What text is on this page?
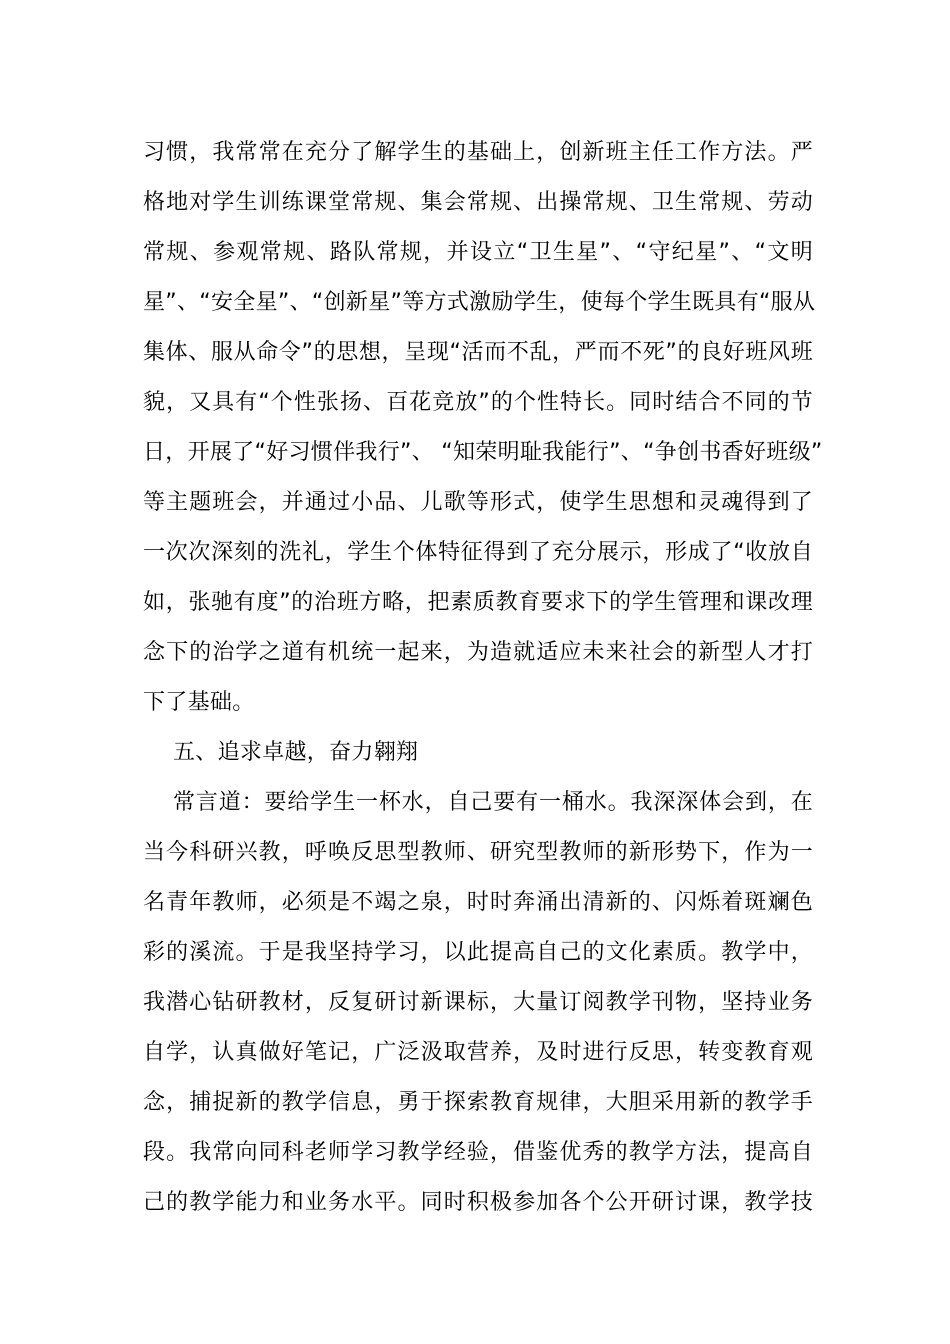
习惯，我常常在充分了解学生的基础上，创新班主任工作方法。严
格地对学生训练课堂常规、集会常规、出操常规、卫生常规、劳动
常规、参观常规、路队常规，并设立“卫生星”、“守纪星”、“文明
星”、“安全星”、“创新星”等方式激励学生，使每个学生既具有“服从
集体、服从命令”的思想，呈现“活而不乱，严而不死”的良好班风班
貌，又具有“个性张扬、百花竞放”的个性特长。同时结合不同的节
日，开展了“好习惯伴我行”、 “知荣明耻我能行”、“争创书香好班级”
等主题班会，并通过小品、儿歌等形式，使学生思想和灵魂得到了
一次次深刻的洗礼，学生个体特征得到了充分展示，形成了“收放自
如，张驰有度”的治班方略，把素质教育要求下的学生管理和课改理
念下的治学之道有机统一起来，为造就适应未来社会的新型人才打
下了基础。
五、追求卓越，奋力翱翔
常言道：要给学生一杯水，自己要有一桶水。我深深体会到，在
当今科研兴教，呼唤反思型教师、研究型教师的新形势下，作为一
名青年教师，必须是不竭之泉，时时奔涌出清新的、闪烁着斑斓色
彩的溪流。于是我坚持学习，以此提高自己的文化素质。教学中，
我潜心钻研教材，反复研讨新课标，大量订阅教学刊物，坚持业务
自学，认真做好笔记，广泛汲取营养，及时进行反思，转变教育观
念，捕捉新的教学信息，勇于探索教育规律，大胆采用新的教学手
段。我常向同科老师学习教学经验，借鉴优秀的教学方法，提高自
己的教学能力和业务水平。同时积极参加各个公开研讨课，教学技
